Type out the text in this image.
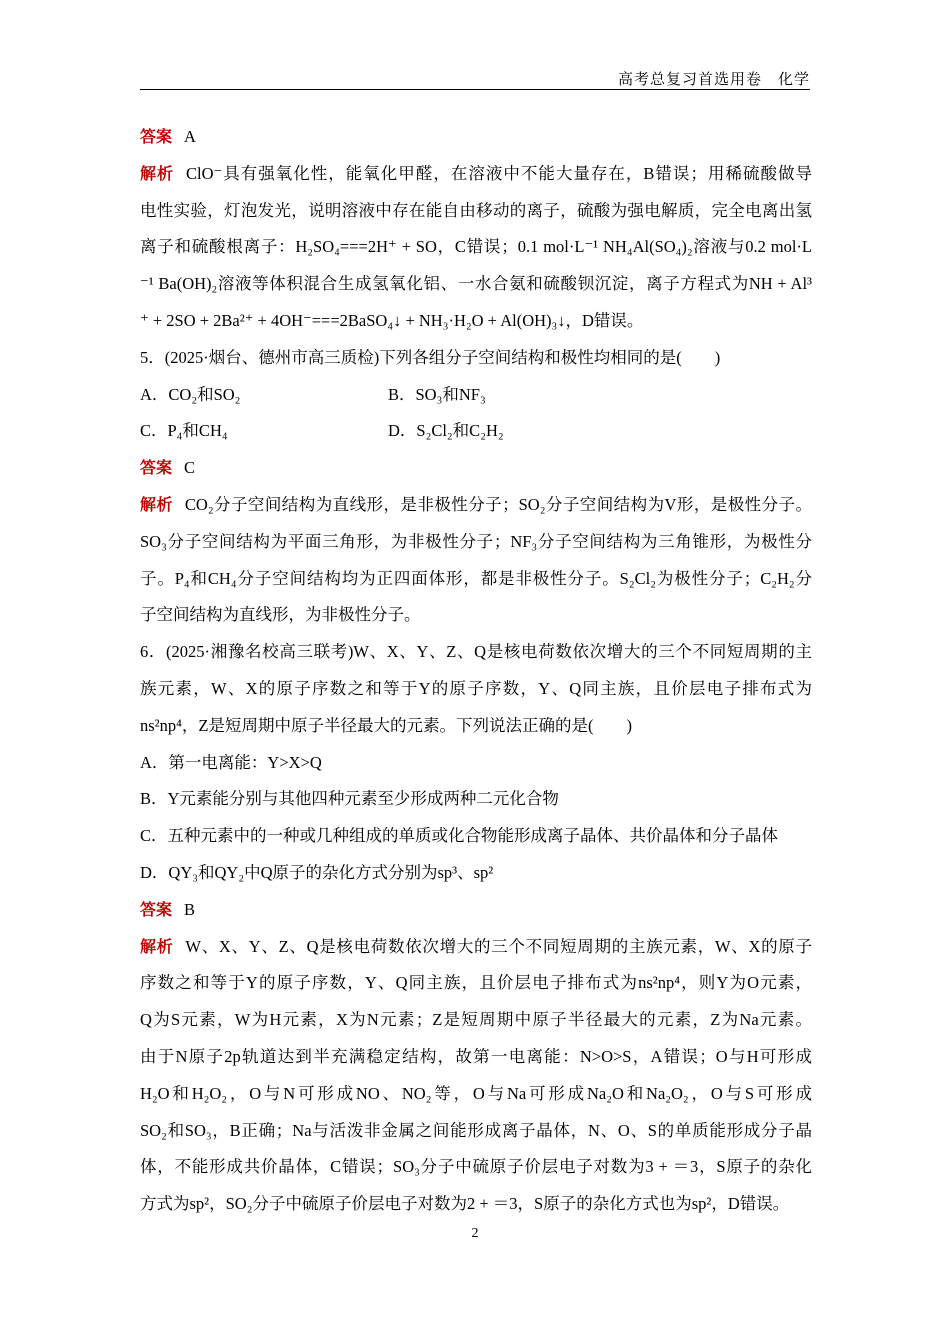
高考总复习首选用卷　化学
答案 A
解析 ClO⁻具有强氧化性，能氧化甲醛，在溶液中不能大量存在，B错误；用稀硫酸做导
电性实验，灯泡发光，说明溶液中存在能自由移动的离子，硫酸为强电解质，完全电离出氢
离子和硫酸根离子：H₂SO₄===2H⁺ + SO，C错误；0.1 mol·L⁻¹ NH₄Al(SO₄)₂溶液与0.2 mol·L
⁻¹ Ba(OH)₂溶液等体积混合生成氢氧化铝、一水合氨和硫酸钡沉淀，离子方程式为NH + Al³
⁺ + 2SO + 2Ba²⁺ + 4OH⁻===2BaSO₄↓ + NH₃·H₂O + Al(OH)₃↓，D错误。
5．(2025·烟台、德州市高三质检)下列各组分子空间结构和极性均相同的是(　　)
A．CO₂和SO₂	B．SO₃和NF₃
C．P₄和CH₄	D．S₂Cl₂和C₂H₂
答案 C
解析 CO₂分子空间结构为直线形，是非极性分子；SO₂分子空间结构为V形，是极性分子。
SO₃分子空间结构为平面三角形，为非极性分子；NF₃分子空间结构为三角锥形，为极性分
子。P₄和CH₄分子空间结构均为正四面体形，都是非极性分子。S₂Cl₂为极性分子；C₂H₂分
子空间结构为直线形，为非极性分子。
6．(2025·湘豫名校高三联考)W、X、Y、Z、Q是核电荷数依次增大的三个不同短周期的主
族元素，W、X的原子序数之和等于Y的原子序数，Y、Q同主族，且价层电子排布式为
ns²np⁴，Z是短周期中原子半径最大的元素。下列说法正确的是(　　)
A．第一电离能：Y>X>Q
B．Y元素能分别与其他四种元素至少形成两种二元化合物
C．五种元素中的一种或几种组成的单质或化合物能形成离子晶体、共价晶体和分子晶体
D．QY₃和QY₂中Q原子的杂化方式分别为sp³、sp²
答案 B
解析 W、X、Y、Z、Q是核电荷数依次增大的三个不同短周期的主族元素，W、X的原子
序数之和等于Y的原子序数，Y、Q同主族，且价层电子排布式为ns²np⁴，则Y为O元素，
Q为S元素，W为H元素，X为N元素；Z是短周期中原子半径最大的元素，Z为Na元素。
由于N原子2p轨道达到半充满稳定结构，故第一电离能：N>O>S，A错误；O与H可形成
H₂O和H₂O₂，O与N可形成NO、NO₂等，O与Na可形成Na₂O和Na₂O₂，O与S可形成
SO₂和SO₃，B正确；Na与活泼非金属之间能形成离子晶体，N、O、S的单质能形成分子晶
体，不能形成共价晶体，C错误；SO₃分子中硫原子价层电子对数为3 + ＝3，S原子的杂化
方式为sp²，SO₂分子中硫原子价层电子对数为2 + ＝3，S原子的杂化方式也为sp²，D错误。
2
